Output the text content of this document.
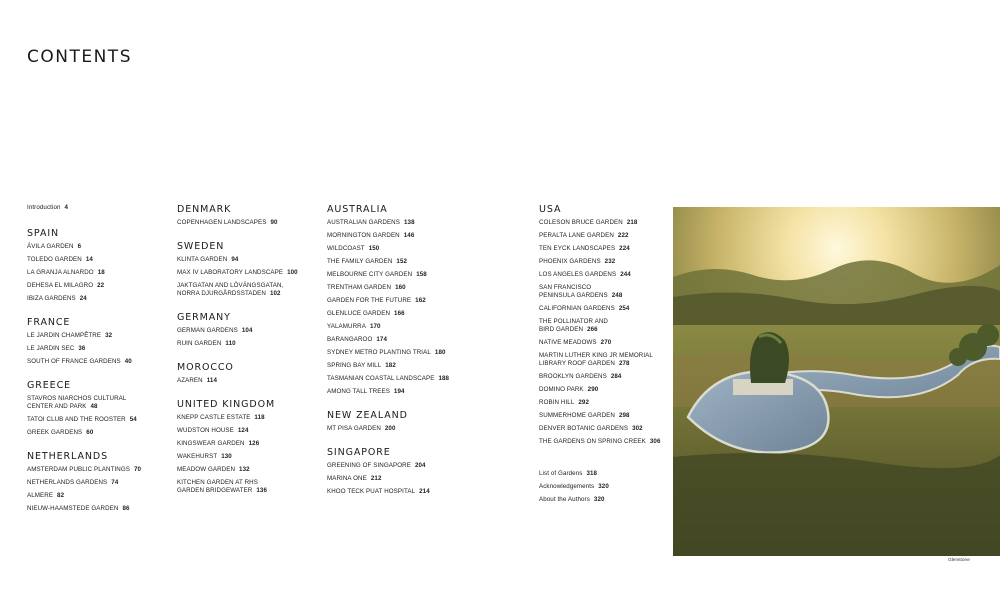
CONTENTS
Introduction 4
SPAIN
ÁVILA GARDEN 6
TOLEDO GARDEN 14
LA GRANJA ALNARDO 18
DEHESA EL MILAGRO 22
IBIZA GARDENS 24
FRANCE
LE JARDIN CHAMPÊTRE 32
LE JARDIN SEC 36
SOUTH OF FRANCE GARDENS 40
GREECE
STAVROS NIARCHOS CULTURAL
CENTER AND PARK 48
TATOI CLUB AND THE ROOSTER 54
GREEK GARDENS 60
NETHERLANDS
AMSTERDAM PUBLIC PLANTINGS 70
NETHERLANDS GARDENS 74
ALMERE 82
NIEUW-HAAMSTEDE GARDEN 86
DENMARK
COPENHAGEN LANDSCAPES 90
SWEDEN
KLINTA GARDEN 94
MAX IV LABORATORY LANDSCAPE 100
JAKTGATAN AND LÖVÄNGSGATAN,
NORRA DJURGÅRDSSTADEN 102
GERMANY
GERMAN GARDENS 104
RUIN GARDEN 110
MOROCCO
AZAREN 114
UNITED KINGDOM
KNEPP CASTLE ESTATE 118
WUDSTON HOUSE 124
KINGSWEAR GARDEN 126
WAKEHURST 130
MEADOW GARDEN 132
KITCHEN GARDEN AT RHS
GARDEN BRIDGEWATER 136
AUSTRALIA
AUSTRALIAN GARDENS 138
MORNINGTON GARDEN 146
WILDCOAST 150
THE FAMILY GARDEN 152
MELBOURNE CITY GARDEN 158
TRENTHAM GARDEN 160
GARDEN FOR THE FUTURE 162
GLENLUCE GARDEN 166
YALAMURRA 170
BARANGAROO 174
SYDNEY METRO PLANTING TRIAL 180
SPRING BAY MILL 182
TASMANIAN COASTAL LANDSCAPE 188
AMONG TALL TREES 194
NEW ZEALAND
MT PISA GARDEN 200
SINGAPORE
GREENING OF SINGAPORE 204
MARINA ONE 212
KHOO TECK PUAT HOSPITAL 214
USA
COLESON BRUCE GARDEN 218
PERALTA LANE GARDEN 222
TEN EYCK LANDSCAPES 224
PHOENIX GARDENS 232
LOS ANGELES GARDENS 244
SAN FRANCISCO
PENINSULA GARDENS 248
CALIFORNIAN GARDENS 254
THE POLLINATOR AND
BIRD GARDEN 266
NATIVE MEADOWS 270
MARTIN LUTHER KING JR MEMORIAL
LIBRARY ROOF GARDEN 278
BROOKLYN GARDENS 284
DOMINO PARK 290
ROBIN HILL 292
SUMMERHOME GARDEN 298
DENVER BOTANIC GARDENS 302
THE GARDENS ON SPRING CREEK 306
List of Gardens 318
Acknowledgements 320
About the Authors 320
Glenstone
